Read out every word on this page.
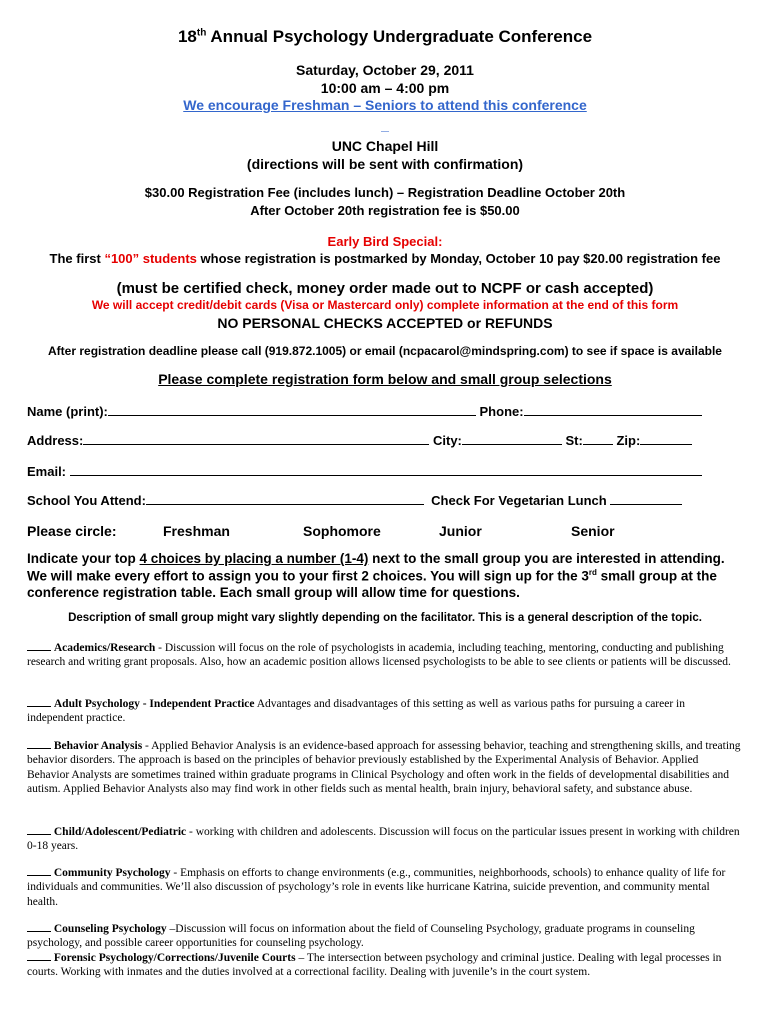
18th Annual Psychology Undergraduate Conference
Saturday, October 29, 2011
10:00 am – 4:00 pm
We encourage Freshman – Seniors to attend this conference
_
UNC Chapel Hill
(directions will be sent with confirmation)
$30.00 Registration Fee (includes lunch) – Registration Deadline October 20th
After October 20th registration fee is $50.00
Early Bird Special:
The first “100” students whose registration is postmarked by Monday, October 10 pay $20.00 registration fee
(must be certified check, money order made out to NCPF or cash accepted)
We will accept credit/debit cards (Visa or Mastercard only) complete information at the end of this form
NO PERSONAL CHECKS ACCEPTED or REFUNDS
After registration deadline please call (919.872.1005) or email (ncpacarol@mindspring.com) to see if space is available
Please complete registration form below and small group selections
Name (print):	Phone:
Address:	City:	St:	Zip:
Email:
School You Attend:	Check For Vegetarian Lunch
Please circle:	Freshman	Sophomore	Junior	Senior
Indicate your top 4 choices by placing a number (1-4) next to the small group you are interested in attending.
We will make every effort to assign you to your first 2 choices. You will sign up for the 3rd small group at the
conference registration table. Each small group will allow time for questions.
Description of small group might vary slightly depending on the facilitator. This is a general description of the topic.
Academics/Research - Discussion will focus on the role of psychologists in academia, including teaching, mentoring, conducting and publishing research and writing grant proposals. Also, how an academic position allows licensed psychologists to be able to see clients or patients will be discussed.
Adult Psychology - Independent Practice Advantages and disadvantages of this setting as well as various paths for pursuing a career in independent practice.
Behavior Analysis - Applied Behavior Analysis is an evidence-based approach for assessing behavior, teaching and strengthening skills, and treating behavior disorders. The approach is based on the principles of behavior previously established by the Experimental Analysis of Behavior. Applied Behavior Analysts are sometimes trained within graduate programs in Clinical Psychology and often work in the fields of developmental disabilities and autism. Applied Behavior Analysts also may find work in other fields such as mental health, brain injury, behavioral safety, and substance abuse.
Child/Adolescent/Pediatric - working with children and adolescents. Discussion will focus on the particular issues present in working with children 0-18 years.
Community Psychology - Emphasis on efforts to change environments (e.g., communities, neighborhoods, schools) to enhance quality of life for individuals and communities. We’ll also discussion of psychology’s role in events like hurricane Katrina, suicide prevention, and community mental health.
Counseling Psychology –Discussion will focus on information about the field of Counseling Psychology, graduate programs in counseling psychology, and possible career opportunities for counseling psychology.
Forensic Psychology/Corrections/Juvenile Courts – The intersection between psychology and criminal justice. Dealing with legal processes in courts. Working with inmates and the duties involved at a correctional facility. Dealing with juvenile’s in the court system.
